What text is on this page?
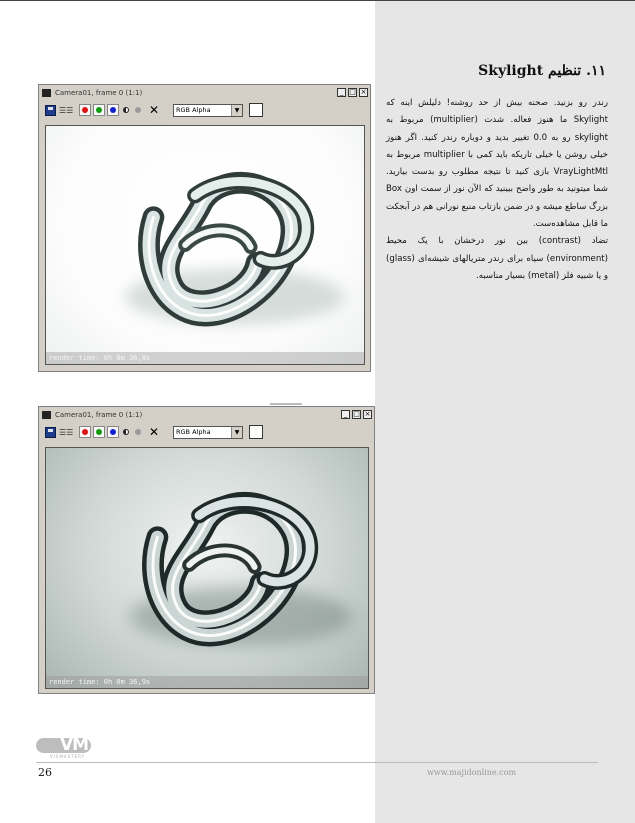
۱۱. تنظیم Skylight

رندر رو بزنید. صحنه بیش از حد روشنه! دلیلش اینه که Skylight ما هنوز فعاله. شدت (multiplier) مربوط به skylight رو به 0.0 تغییر بدید و دوباره رندر کنید. اگر هنوز خیلی روشن یا خیلی تاریکه باید کمی با multiplier مربوط به VrayLightMtl بازی کنید تا نتیجه مطلوب رو بدست بیارید. شما میتونید به طور واضح ببینید که الآن نور از سمت اون Box بزرگ ساطع میشه و در ضمن بازتاب منبع نورانی هم در آبجکت ما قابل مشاهده‌ست.
تضاد (contrast) بین نور درخشان با یک محیط (environment) سیاه برای رندر متریالهای شیشه‌ای (glass) و یا شبیه فلز (metal) بسیار مناسبه.

Camera01, frame 0 (1:1)	_ □ ×
☰☰	✕	RGB Alpha	▼
render time: 0h 0m 36,0s
Camera01, frame 0 (1:1)	_ □ ×
☰☰	✕	RGB Alpha	▼
render time: 0h 0m 36,9s
VM
VISMASTERY
26	www.majidonline.com
